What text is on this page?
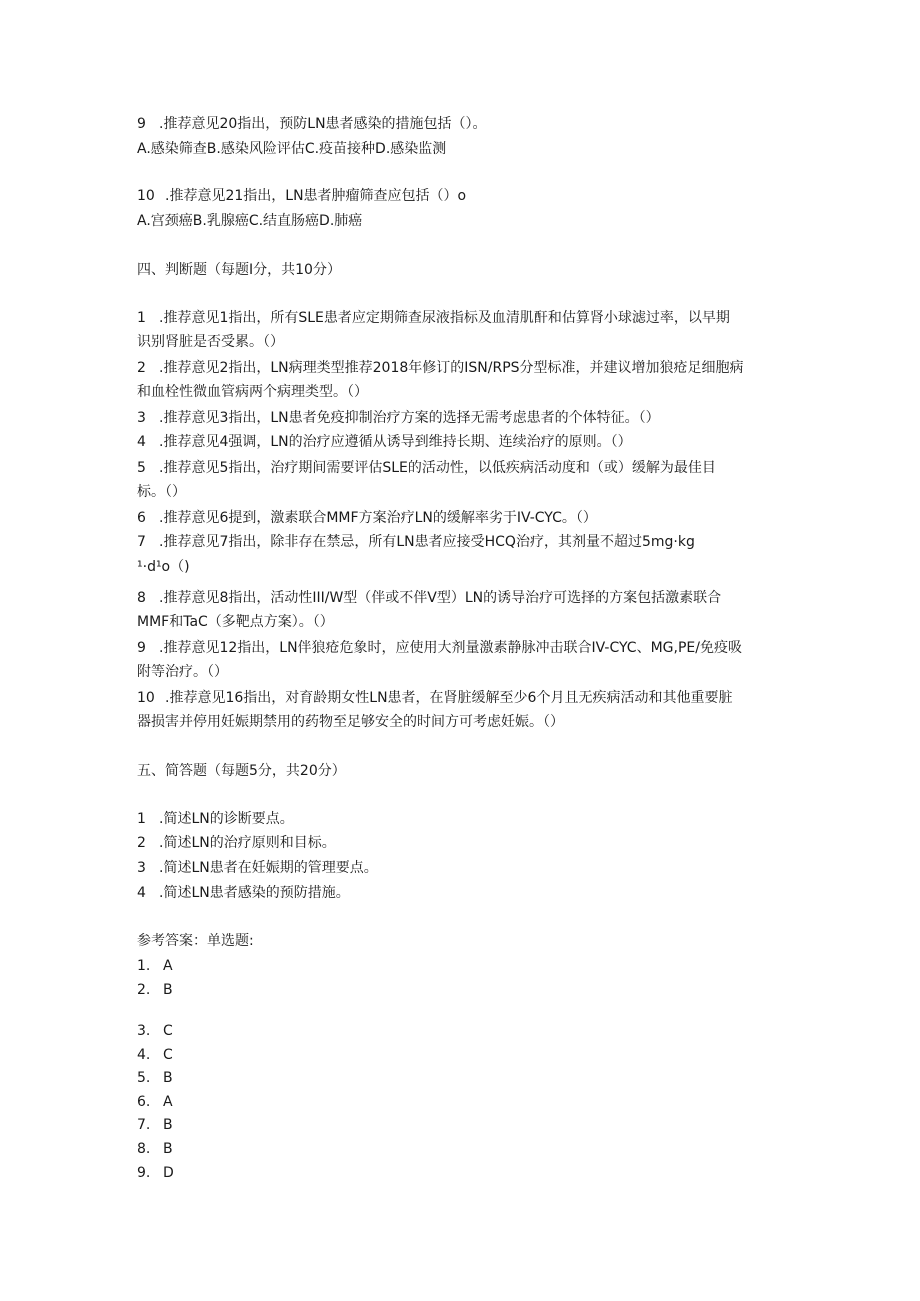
9 .推荐意见20指出，预防LN患者感染的措施包括（）。
A.感染筛查B.感染风险评估C.疫苗接种D.感染监测
10 .推荐意见21指出，LN患者肿瘤筛查应包括（）o
A.宫颈癌B.乳腺癌C.结直肠癌D.肺癌
四、判断题（每题I分，共10分）
1 .推荐意见1指出，所有SLE患者应定期筛查尿液指标及血清肌酐和估算肾小球滤过率，以早期
识别肾脏是否受累。（）
2 .推荐意见2指出，LN病理类型推荐2018年修订的ISN/RPS分型标准，并建议增加狼疮足细胞病
和血栓性微血管病两个病理类型。（）
3 .推荐意见3指出，LN患者免疫抑制治疗方案的选择无需考虑患者的个体特征。（）
4 .推荐意见4强调，LN的治疗应遵循从诱导到维持长期、连续治疗的原则。（）
5 .推荐意见5指出，治疗期间需要评估SLE的活动性，以低疾病活动度和（或）缓解为最佳目
标。（）
6 .推荐意见6提到，激素联合MMF方案治疗LN的缓解率劣于IV-CYC。（）
7 .推荐意见7指出，除非存在禁忌，所有LN患者应接受HCQ治疗，其剂量不超过5mg·kg
¹·d¹o（)
8 .推荐意见8指出，活动性III/W型（伴或不伴V型）LN的诱导治疗可选择的方案包括激素联合
MMF和TaC（多靶点方案）。（）
9 .推荐意见12指出，LN伴狼疮危象时，应使用大剂量激素静脉冲击联合IV-CYC、MG,PE/免疫吸
附等治疗。（）
10 .推荐意见16指出，对育龄期女性LN患者，在肾脏缓解至少6个月且无疾病活动和其他重要脏
器损害并停用妊娠期禁用的药物至足够安全的时间方可考虑妊娠。（）
五、简答题（每题5分，共20分）
1 .简述LN的诊断要点。
2 .简述LN的治疗原则和目标。
3 .简述LN患者在妊娠期的管理要点。
4 .简述LN患者感染的预防措施。
参考答案：单选题:
1. A
2. B
3. C
4. C
5. B
6. A
7. B
8. B
9. D
